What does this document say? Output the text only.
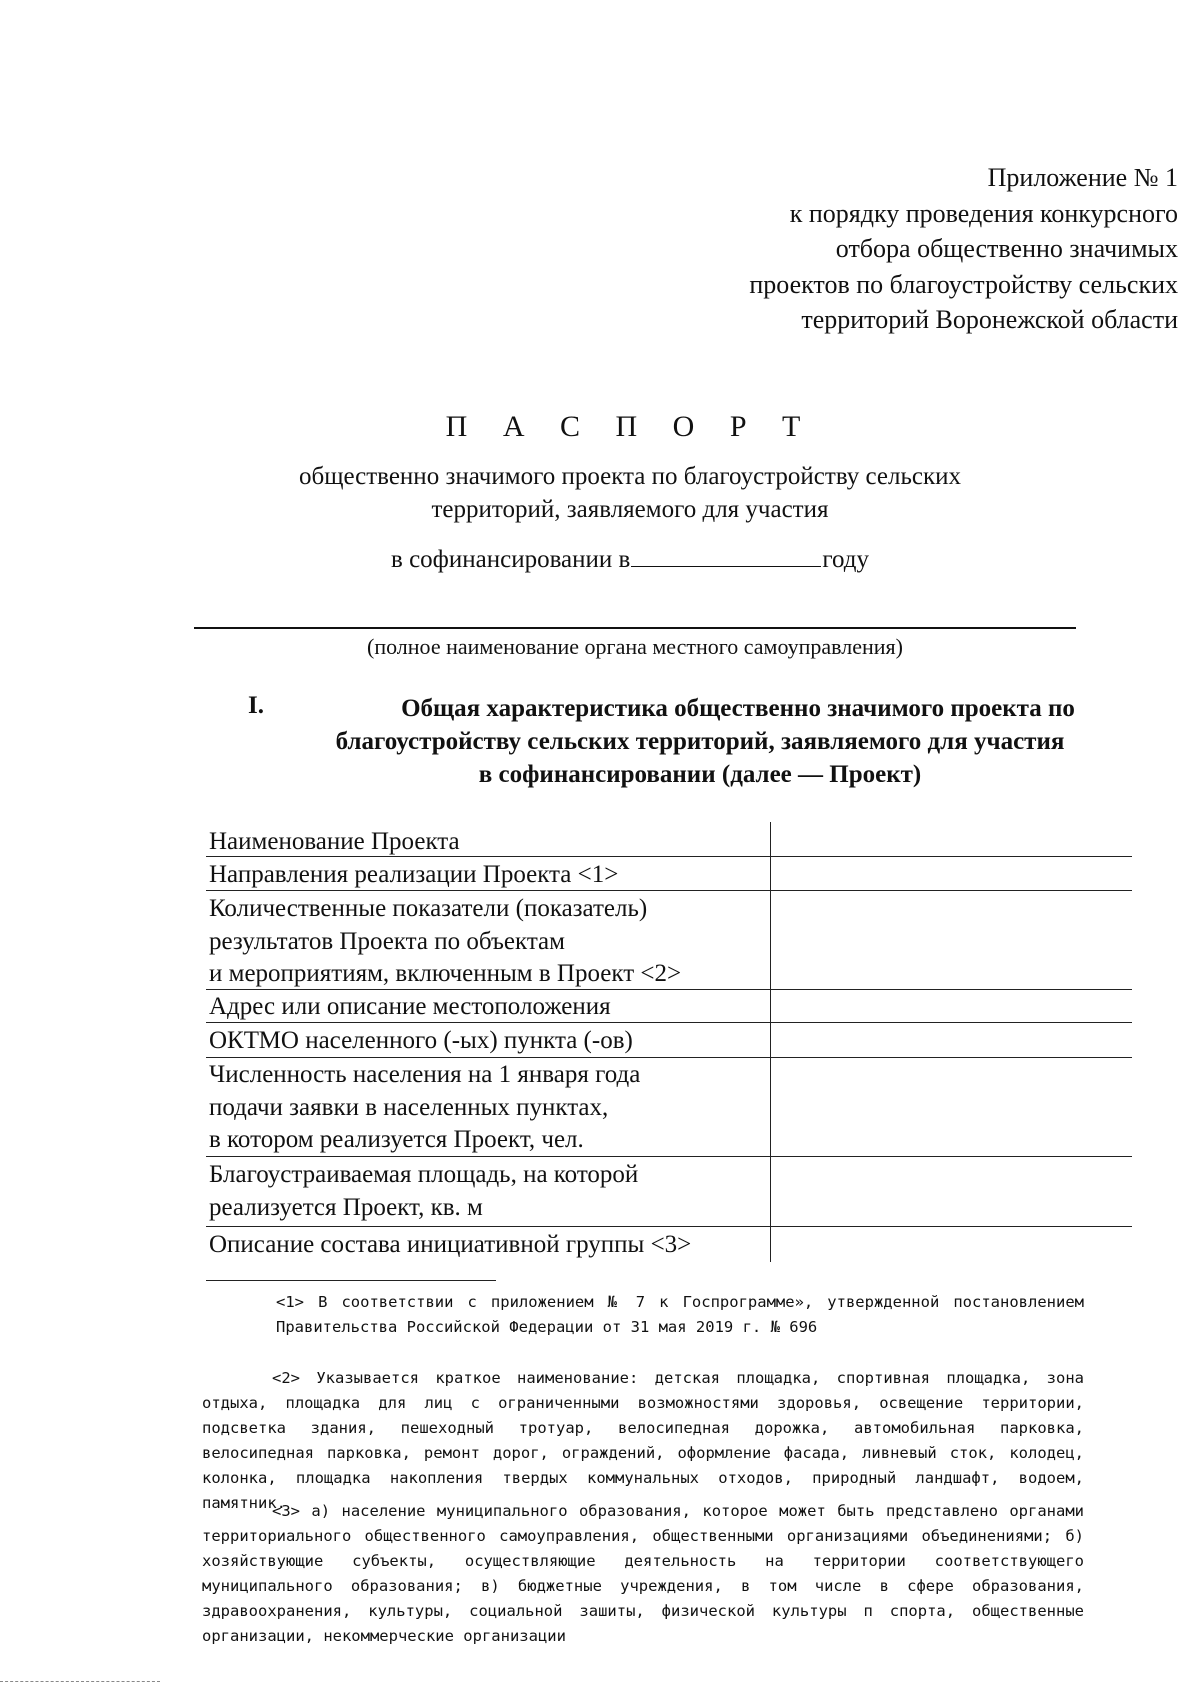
Приложение № 1
к порядку проведения конкурсного
отбора общественно значимых
проектов по благоустройству сельских
территорий Воронежской области
П А С П О Р Т
общественно значимого проекта по благоустройству сельских
территорий, заявляемого для участия
в софинансировании в	году
(полное наименование органа местного самоуправления)
I.	Общая характеристика общественно значимого проекта по
благоустройству сельских территорий, заявляемого для участия
в софинансировании (далее — Проект)
Наименование Проекта
Направления реализации Проекта <1>
Количественные показатели (показатель)
результатов Проекта по объектам
и мероприятиям, включенным в Проект <2>
Адрес или описание местоположения
ОКТМО населенного (-ых) пункта (-ов)
Численность населения на 1 января года
подачи заявки в населенных пунктах,
в котором реализуется Проект, чел.
Благоустраиваемая площадь, на которой
реализуется Проект, кв. м
Описание состава инициативной группы <3>
<1> В соответствии с приложением № 7 к Госпрограмме», утвержденной постановлением Правительства Российской Федерации от 31 мая 2019 г. № 696
<2> Указывается краткое наименование: детская площадка, спортивная площадка, зона отдыха, площадка для лиц с ограниченными возможностями здоровья, освещение территории, подсветка здания, пешеходный тротуар, велосипедная дорожка, автомобильная парковка, велосипедная парковка, ремонт дорог, ограждений, оформление фасада, ливневый сток, колодец, колонка, площадка накопления твердых коммунальных отходов, природный ландшафт, водоем, памятник.
<3> а) население муниципального образования, которое может быть представлено органами территориального общественного самоуправления, общественными организациями объединениями; б) хозяйствующие субъекты, осуществляющие деятельность на территории соответствующего муниципального образования; в) бюджетные учреждения, в том числе в сфере образования, здравоохранения, культуры, социальной зашиты, физической культуры п спорта, общественные организации, некоммерческие организации
